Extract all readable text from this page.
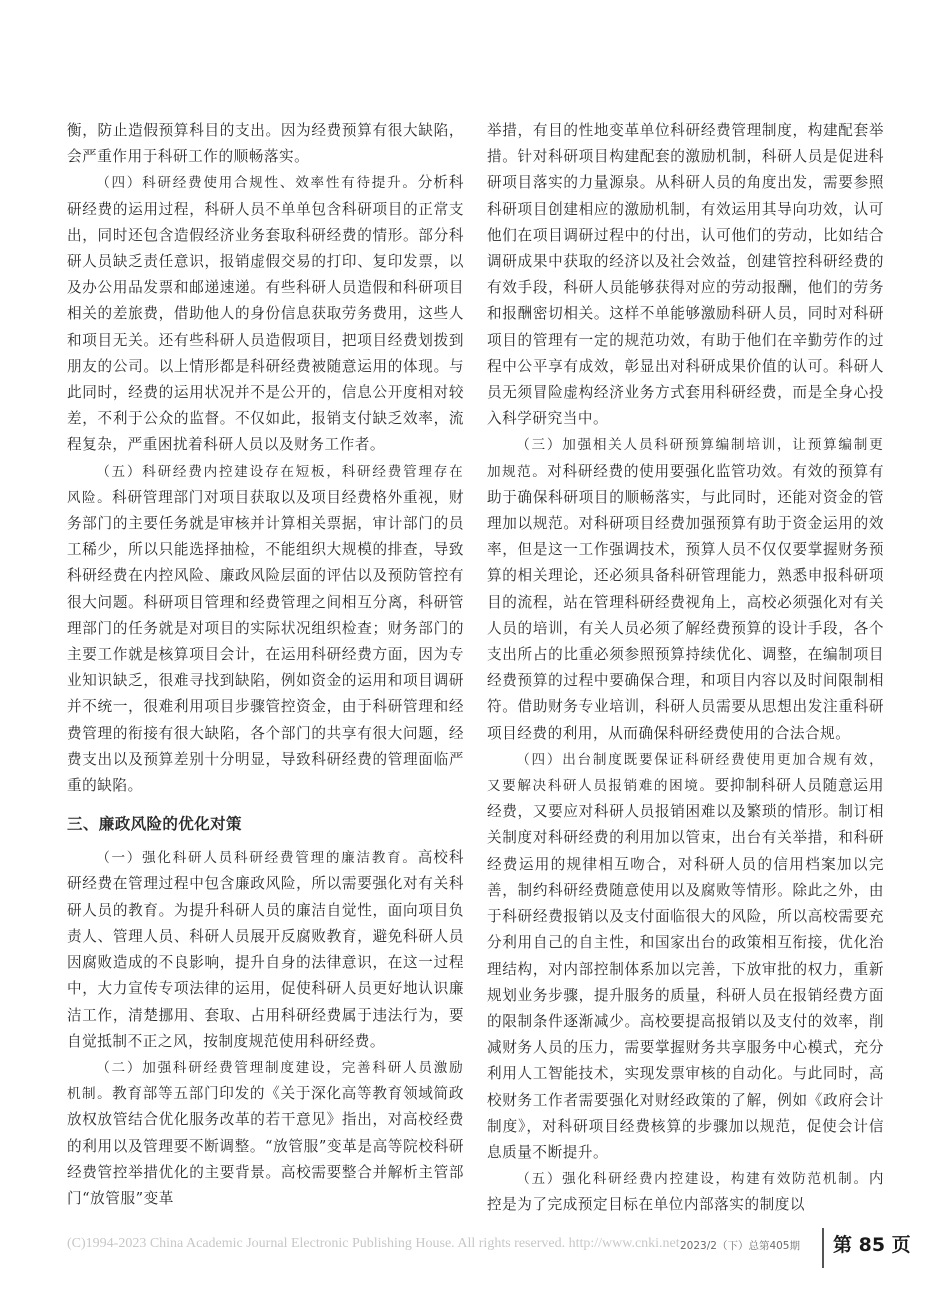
衡，防止造假预算科目的支出。因为经费预算有很大缺陷，会严重作用于科研工作的顺畅落实。

（四）科研经费使用合规性、效率性有待提升。分析科研经费的运用过程，科研人员不单单包含科研项目的正常支出，同时还包含造假经济业务套取科研经费的情形。部分科研人员缺乏责任意识，报销虚假交易的打印、复印发票，以及办公用品发票和邮递速递。有些科研人员造假和科研项目相关的差旅费，借助他人的身份信息获取劳务费用，这些人和项目无关。还有些科研人员造假项目，把项目经费划拨到朋友的公司。以上情形都是科研经费被随意运用的体现。与此同时，经费的运用状况并不是公开的，信息公开度相对较差，不利于公众的监督。不仅如此，报销支付缺乏效率，流程复杂，严重困扰着科研人员以及财务工作者。

（五）科研经费内控建设存在短板，科研经费管理存在风险。科研管理部门对项目获取以及项目经费格外重视，财务部门的主要任务就是审核并计算相关票据，审计部门的员工稀少，所以只能选择抽检，不能组织大规模的排查，导致科研经费在内控风险、廉政风险层面的评估以及预防管控有很大问题。科研项目管理和经费管理之间相互分离，科研管理部门的任务就是对项目的实际状况组织检查；财务部门的主要工作就是核算项目会计，在运用科研经费方面，因为专业知识缺乏，很难寻找到缺陷，例如资金的运用和项目调研并不统一，很难利用项目步骤管控资金，由于科研管理和经费管理的衔接有很大缺陷，各个部门的共享有很大问题，经费支出以及预算差别十分明显，导致科研经费的管理面临严重的缺陷。

三、廉政风险的优化对策

（一）强化科研人员科研经费管理的廉洁教育。高校科研经费在管理过程中包含廉政风险，所以需要强化对有关科研人员的教育。为提升科研人员的廉洁自觉性，面向项目负责人、管理人员、科研人员展开反腐败教育，避免科研人员因腐败造成的不良影响，提升自身的法律意识，在这一过程中，大力宣传专项法律的运用，促使科研人员更好地认识廉洁工作，清楚挪用、套取、占用科研经费属于违法行为，要自觉抵制不正之风，按制度规范使用科研经费。

（二）加强科研经费管理制度建设，完善科研人员激励机制。教育部等五部门印发的《关于深化高等教育领域简政放权放管结合优化服务改革的若干意见》指出，对高校经费的利用以及管理要不断调整。“放管服”变革是高等院校科研经费管控举措优化的主要背景。高校需要整合并解析主管部门“放管服”变革

举措，有目的性地变革单位科研经费管理制度，构建配套举措。针对科研项目构建配套的激励机制，科研人员是促进科研项目落实的力量源泉。从科研人员的角度出发，需要参照科研项目创建相应的激励机制，有效运用其导向功效，认可他们在项目调研过程中的付出，认可他们的劳动，比如结合调研成果中获取的经济以及社会效益，创建管控科研经费的有效手段，科研人员能够获得对应的劳动报酬，他们的劳务和报酬密切相关。这样不单能够激励科研人员，同时对科研项目的管理有一定的规范功效，有助于他们在辛勤劳作的过程中公平享有成效，彰显出对科研成果价值的认可。科研人员无须冒险虚构经济业务方式套用科研经费，而是全身心投入科学研究当中。

（三）加强相关人员科研预算编制培训，让预算编制更加规范。对科研经费的使用要强化监管功效。有效的预算有助于确保科研项目的顺畅落实，与此同时，还能对资金的管理加以规范。对科研项目经费加强预算有助于资金运用的效率，但是这一工作强调技术，预算人员不仅仅要掌握财务预算的相关理论，还必须具备科研管理能力，熟悉申报科研项目的流程，站在管理科研经费视角上，高校必须强化对有关人员的培训，有关人员必须了解经费预算的设计手段，各个支出所占的比重必须参照预算持续优化、调整，在编制项目经费预算的过程中要确保合理，和项目内容以及时间限制相符。借助财务专业培训，科研人员需要从思想出发注重科研项目经费的利用，从而确保科研经费使用的合法合规。

（四）出台制度既要保证科研经费使用更加合规有效，又要解决科研人员报销难的困境。要抑制科研人员随意运用经费，又要应对科研人员报销困难以及繁琐的情形。制订相关制度对科研经费的利用加以管束，出台有关举措，和科研经费运用的规律相互吻合，对科研人员的信用档案加以完善，制约科研经费随意使用以及腐败等情形。除此之外，由于科研经费报销以及支付面临很大的风险，所以高校需要充分利用自己的自主性，和国家出台的政策相互衔接，优化治理结构，对内部控制体系加以完善，下放审批的权力，重新规划业务步骤，提升服务的质量，科研人员在报销经费方面的限制条件逐渐减少。高校要提高报销以及支付的效率，削减财务人员的压力，需要掌握财务共享服务中心模式，充分利用人工智能技术，实现发票审核的自动化。与此同时，高校财务工作者需要强化对财经政策的了解，例如《政府会计制度》，对科研项目经费核算的步骤加以规范，促使会计信息质量不断提升。

（五）强化科研经费内控建设，构建有效防范机制。内控是为了完成预定目标在单位内部落实的制度以

(C)1994-2023 China Academic Journal Electronic Publishing House. All rights reserved. http://www.cnki.net 2023/2（下）总第405期 第 85 页
